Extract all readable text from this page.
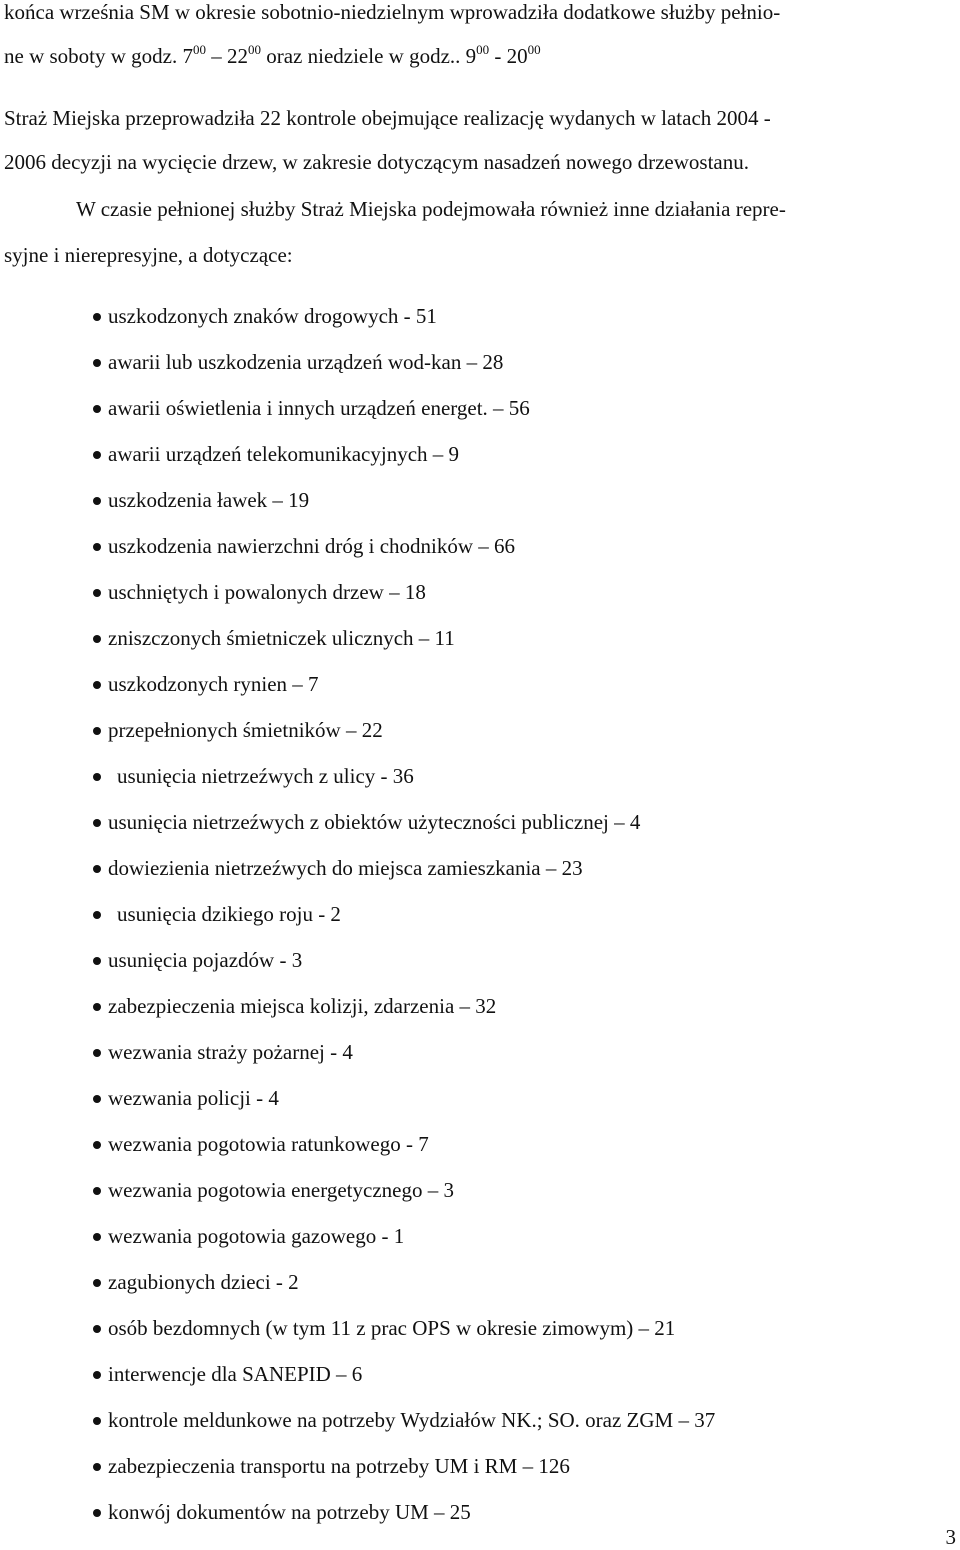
końca września SM w okresie sobotnio-niedzielnym wprowadziła dodatkowe służby pełnio-
ne w soboty w godz. $7^{00} - 22^{00}$ oraz niedziele w godz.. $9^{00} - 20^{00}$
Straż Miejska przeprowadziła 22 kontrole obejmujące realizację wydanych w latach 2004 -
2006 decyzji na wycięcie drzew, w zakresie dotyczącym nasadzeń nowego drzewostanu.
W czasie pełnionej służby Straż Miejska podejmowała również inne działania repre-
syjne i nierepresyjne, a dotyczące:
uszkodzonych znaków drogowych - 51
awarii lub uszkodzenia urządzeń wod-kan – 28
awarii oświetlenia i innych urządzeń energet. – 56
awarii urządzeń telekomunikacyjnych – 9
uszkodzenia ławek – 19
uszkodzenia nawierzchni dróg i chodników – 66
uschniętych i powalonych drzew – 18
zniszczonych śmietniczek ulicznych – 11
uszkodzonych rynien – 7
przepełnionych śmietników – 22
usunięcia nietrzeźwych z ulicy - 36
usunięcia nietrzeźwych z obiektów użyteczności publicznej – 4
dowiezienia nietrzeźwych do miejsca zamieszkania – 23
usunięcia dzikiego roju - 2
usunięcia pojazdów - 3
zabezpieczenia miejsca kolizji, zdarzenia – 32
wezwania straży pożarnej - 4
wezwania policji - 4
wezwania pogotowia ratunkowego - 7
wezwania pogotowia energetycznego – 3
wezwania pogotowia gazowego - 1
zagubionych dzieci - 2
osób bezdomnych (w tym 11 z prac OPS w okresie zimowym) – 21
interwencje dla SANEPID – 6
kontrole meldunkowe na potrzeby Wydziałów NK.; SO. oraz ZGM – 37
zabezpieczenia transportu na potrzeby UM i RM – 126
konwój dokumentów na potrzeby UM – 25
3
